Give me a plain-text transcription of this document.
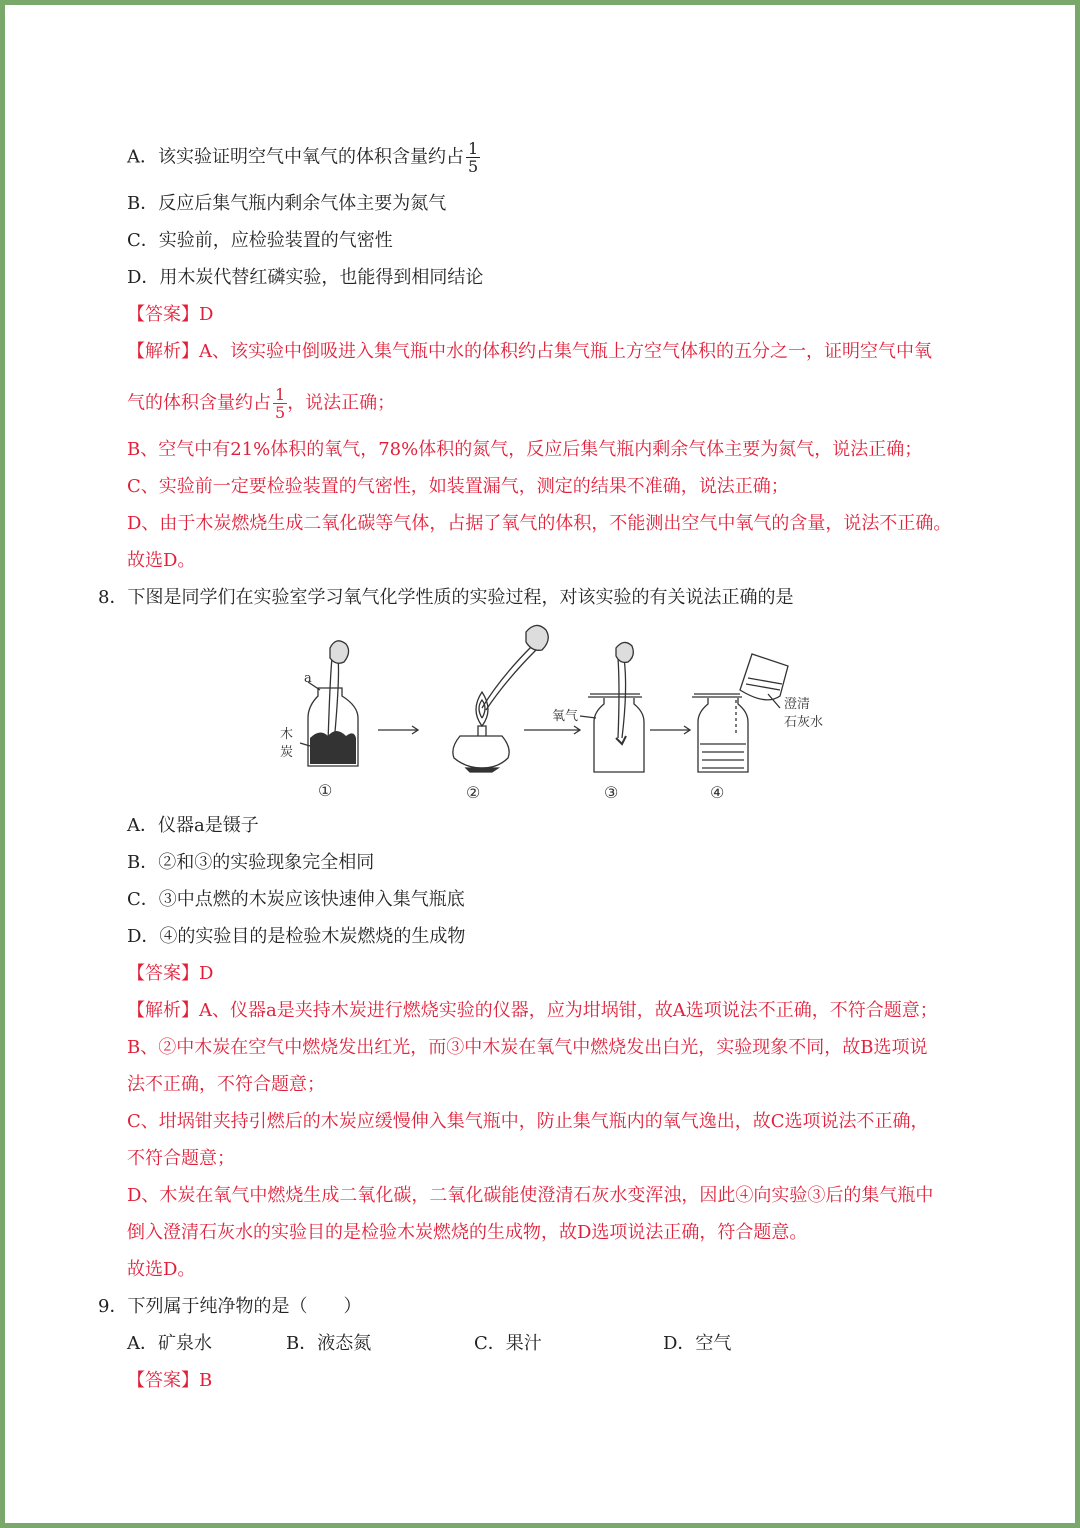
A．该实验证明空气中氧气的体积含量约占 $\frac{1}{5}$
B．反应后集气瓶内剩余气体主要为氮气
C．实验前，应检验装置的气密性
D．用木炭代替红磷实验，也能得到相同结论
【答案】D
【解析】A、该实验中倒吸进入集气瓶中水的体积约占集气瓶上方空气体积的五分之一，证明空气中氧
气的体积含量约占 $\frac{1}{5}$ ，说法正确；
B、空气中有21%体积的氧气，78%体积的氮气，反应后集气瓶内剩余气体主要为氮气，说法正确；
C、实验前一定要检验装置的气密性，如装置漏气，测定的结果不准确，说法正确；
D、由于木炭燃烧生成二氧化碳等气体，占据了氧气的体积，不能测出空气中氧气的含量，说法不正确。
故选D。
8．下图是同学们在实验室学习氧气化学性质的实验过程，对该实验的有关说法正确的是
a
木
炭
氧气
澄清
石灰水
①	②	③	④
A．仪器a是镊子
B．②和③的实验现象完全相同
C．③中点燃的木炭应该快速伸入集气瓶底
D．④的实验目的是检验木炭燃烧的生成物
【答案】D
【解析】A、仪器a是夹持木炭进行燃烧实验的仪器，应为坩埚钳，故A选项说法不正确，不符合题意；
B、②中木炭在空气中燃烧发出红光，而③中木炭在氧气中燃烧发出白光，实验现象不同，故B选项说
法不正确，不符合题意；
C、坩埚钳夹持引燃后的木炭应缓慢伸入集气瓶中，防止集气瓶内的氧气逸出，故C选项说法不正确，
不符合题意；
D、木炭在氧气中燃烧生成二氧化碳，二氧化碳能使澄清石灰水变浑浊，因此④向实验③后的集气瓶中
倒入澄清石灰水的实验目的是检验木炭燃烧的生成物，故D选项说法正确，符合题意。
故选D。
9．下列属于纯净物的是（　　）
A．矿泉水	B．液态氮	C．果汁	D．空气
【答案】B
